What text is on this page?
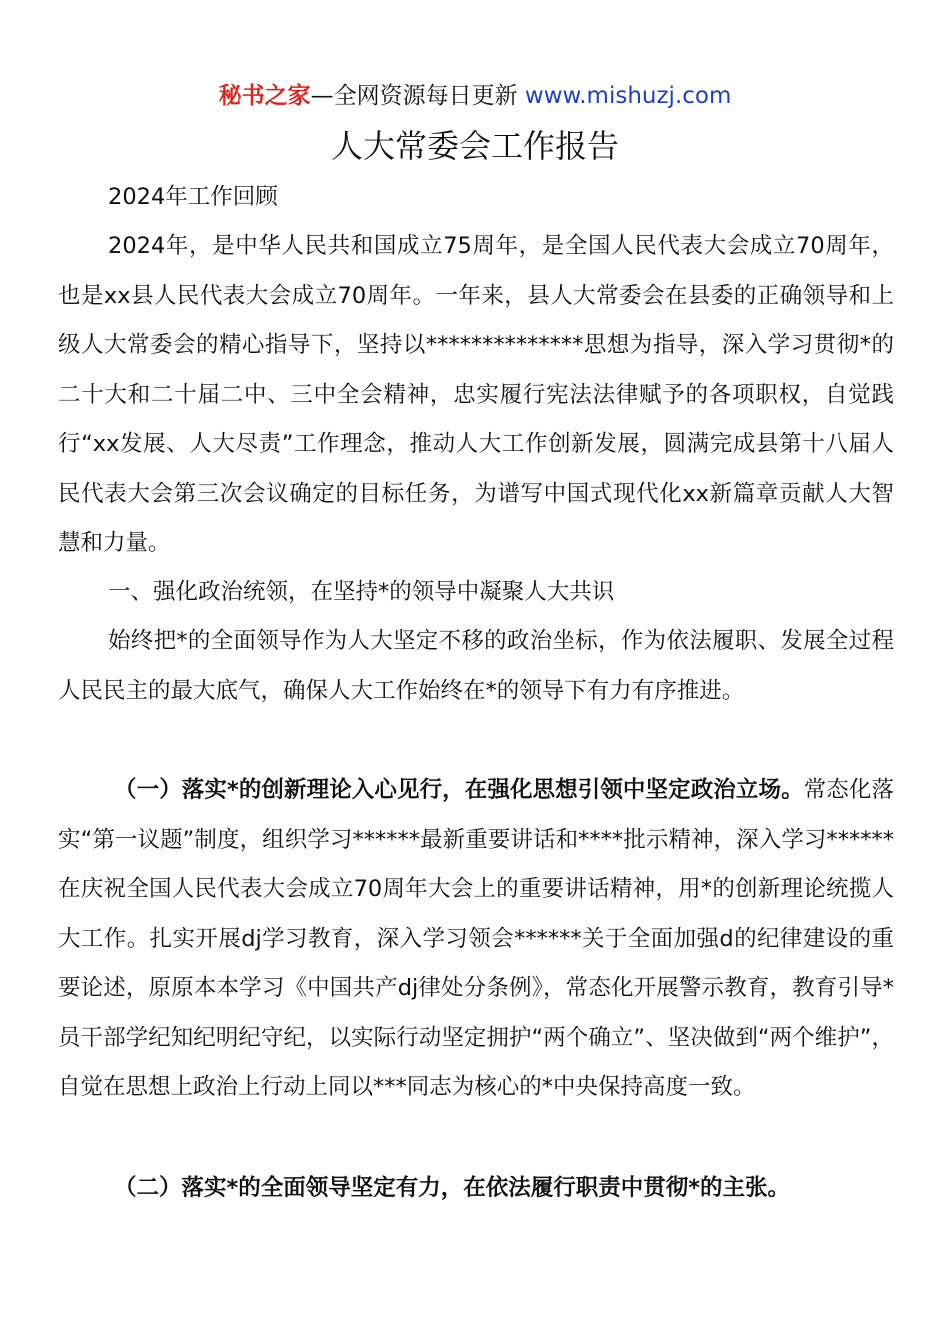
秘书之家—全网资源每日更新 www.mishuzj.com
人大常委会工作报告

2024年工作回顾

2024年，是中华人民共和国成立75周年，是全国人民代表大会成立70周年，也是xx县人民代表大会成立70周年。一年来，县人大常委会在县委的正确领导和上级人大常委会的精心指导下，坚持以**************思想为指导，深入学习贯彻*的二十大和二十届二中、三中全会精神，忠实履行宪法法律赋予的各项职权，自觉践行“xx发展、人大尽责”工作理念，推动人大工作创新发展，圆满完成县第十八届人民代表大会第三次会议确定的目标任务，为谱写中国式现代化xx新篇章贡献人大智慧和力量。

一、强化政治统领，在坚持*的领导中凝聚人大共识

始终把*的全面领导作为人大坚定不移的政治坐标，作为依法履职、发展全过程人民民主的最大底气，确保人大工作始终在*的领导下有力有序推进。

（一）落实*的创新理论入心见行，在强化思想引领中坚定政治立场。常态化落实“第一议题”制度，组织学习******最新重要讲话和****批示精神，深入学习******在庆祝全国人民代表大会成立70周年大会上的重要讲话精神，用*的创新理论统揽人大工作。扎实开展dj学习教育，深入学习领会******关于全面加强d的纪律建设的重要论述，原原本本学习《中国共产dj律处分条例》，常态化开展警示教育，教育引导*员干部学纪知纪明纪守纪，以实际行动坚定拥护“两个确立”、坚决做到“两个维护”，自觉在思想上政治上行动上同以***同志为核心的*中央保持高度一致。

（二）落实*的全面领导坚定有力，在依法履行职责中贯彻*的主张。
